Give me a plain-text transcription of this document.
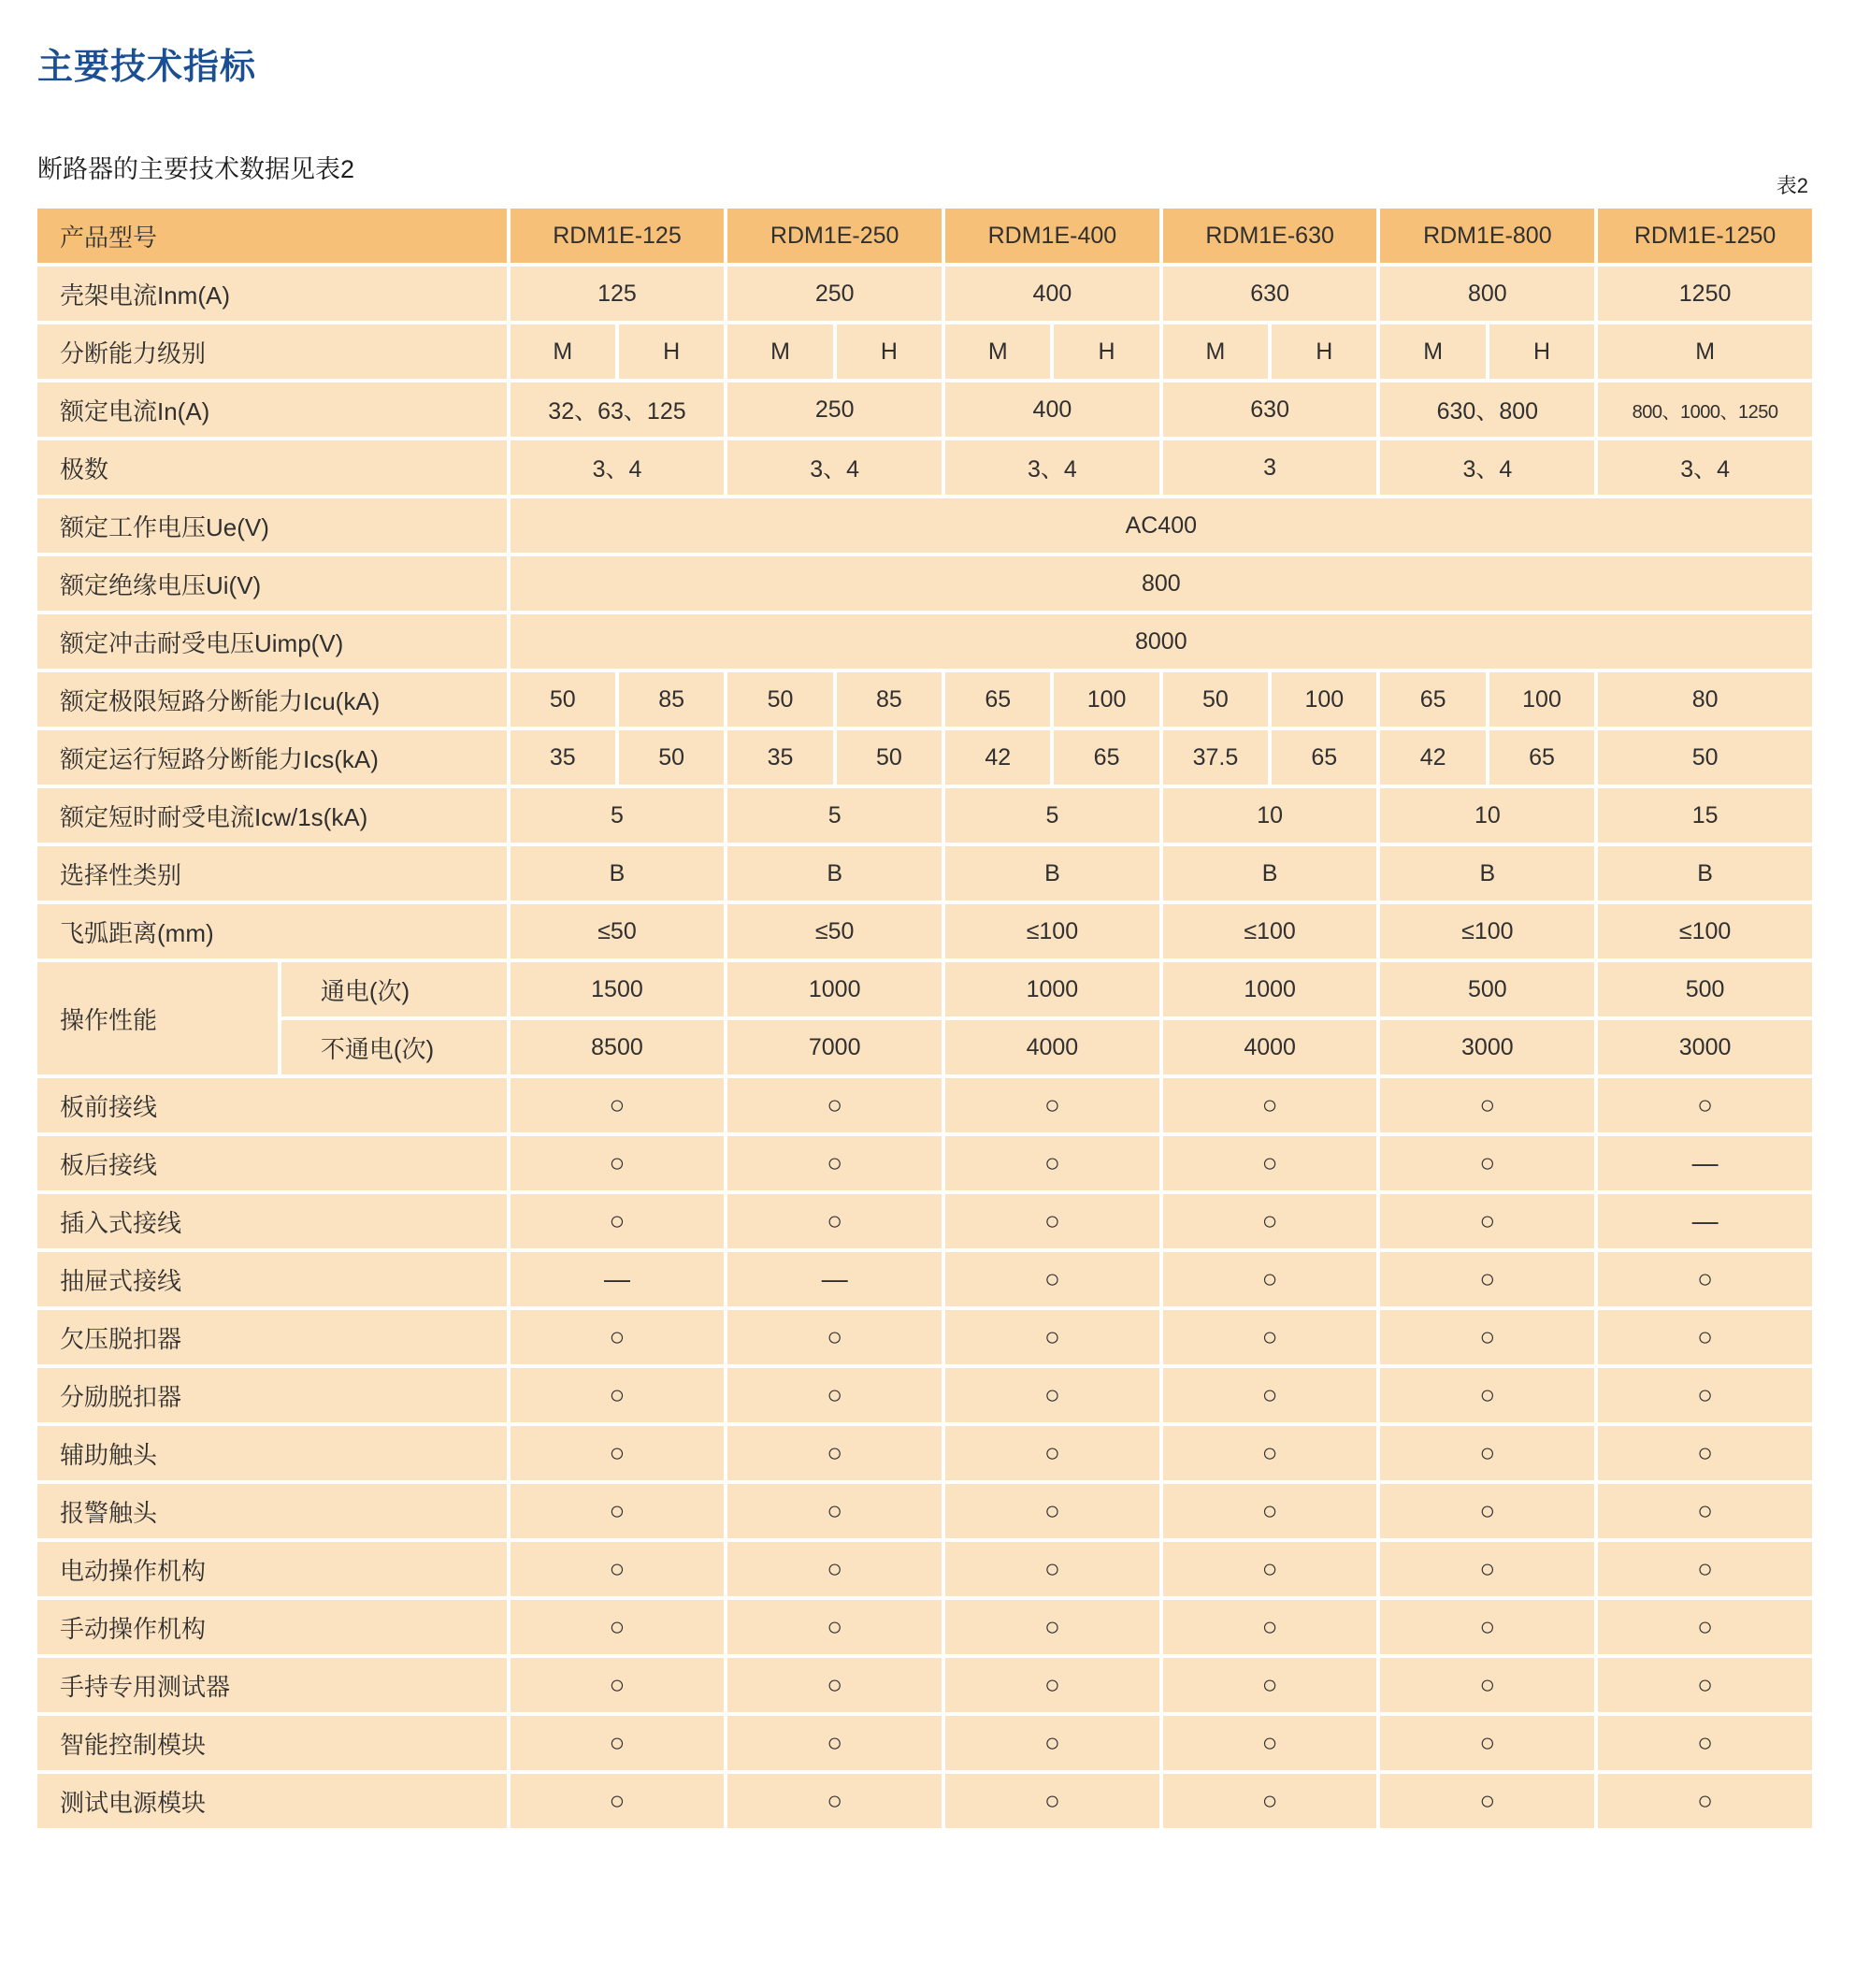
主要技术指标

断路器的主要技术数据见表2

表2
产品型号		RDM1E-125		RDM1E-250		RDM1E-400		RDM1E-630		RDM1E-800		RDM1E-1250
壳架电流Inm(A)		125		250		400		630		800		1250
分断能力级别		M	H	M	H	M	H	M	H	M	H	M
额定电流In(A)		32、63、125		250		400		630		630、800		800、1000、1250
极数		3、4		3、4		3、4		3		3、4		3、4
额定工作电压Ue(V)		AC400										
额定绝缘电压Ui(V)		800										
额定冲击耐受电压Uimp(V)		8000										
额定极限短路分断能力Icu(kA)		50	85	50	85	65	100	50	100	65	100	80
额定运行短路分断能力Ics(kA)		35	50	35	50	42	65	37.5	65	42	65	50
额定短时耐受电流Icw/1s(kA)		5		5		5		10		10		15
选择性类别		B		B		B		B		B		B
飞弧距离(mm)		≤50		≤50		≤100		≤100		≤100		≤100
操作性能	通电(次)	1500		1000		1000		1000		500		500
	不通电(次)	8500		7000		4000		4000		3000		3000
板前接线		○		○		○		○		○		○
板后接线		○		○		○		○		○		—
插入式接线		○		○		○		○		○		—
抽屉式接线		—		—		○		○		○		○
欠压脱扣器		○		○		○		○		○		○
分励脱扣器		○		○		○		○		○		○
辅助触头		○		○		○		○		○		○
报警触头		○		○		○		○		○		○
电动操作机构		○		○		○		○		○		○
手动操作机构		○		○		○		○		○		○
手持专用测试器		○		○		○		○		○		○
智能控制模块		○		○		○		○		○		○
测试电源模块		○		○		○		○		○		○
